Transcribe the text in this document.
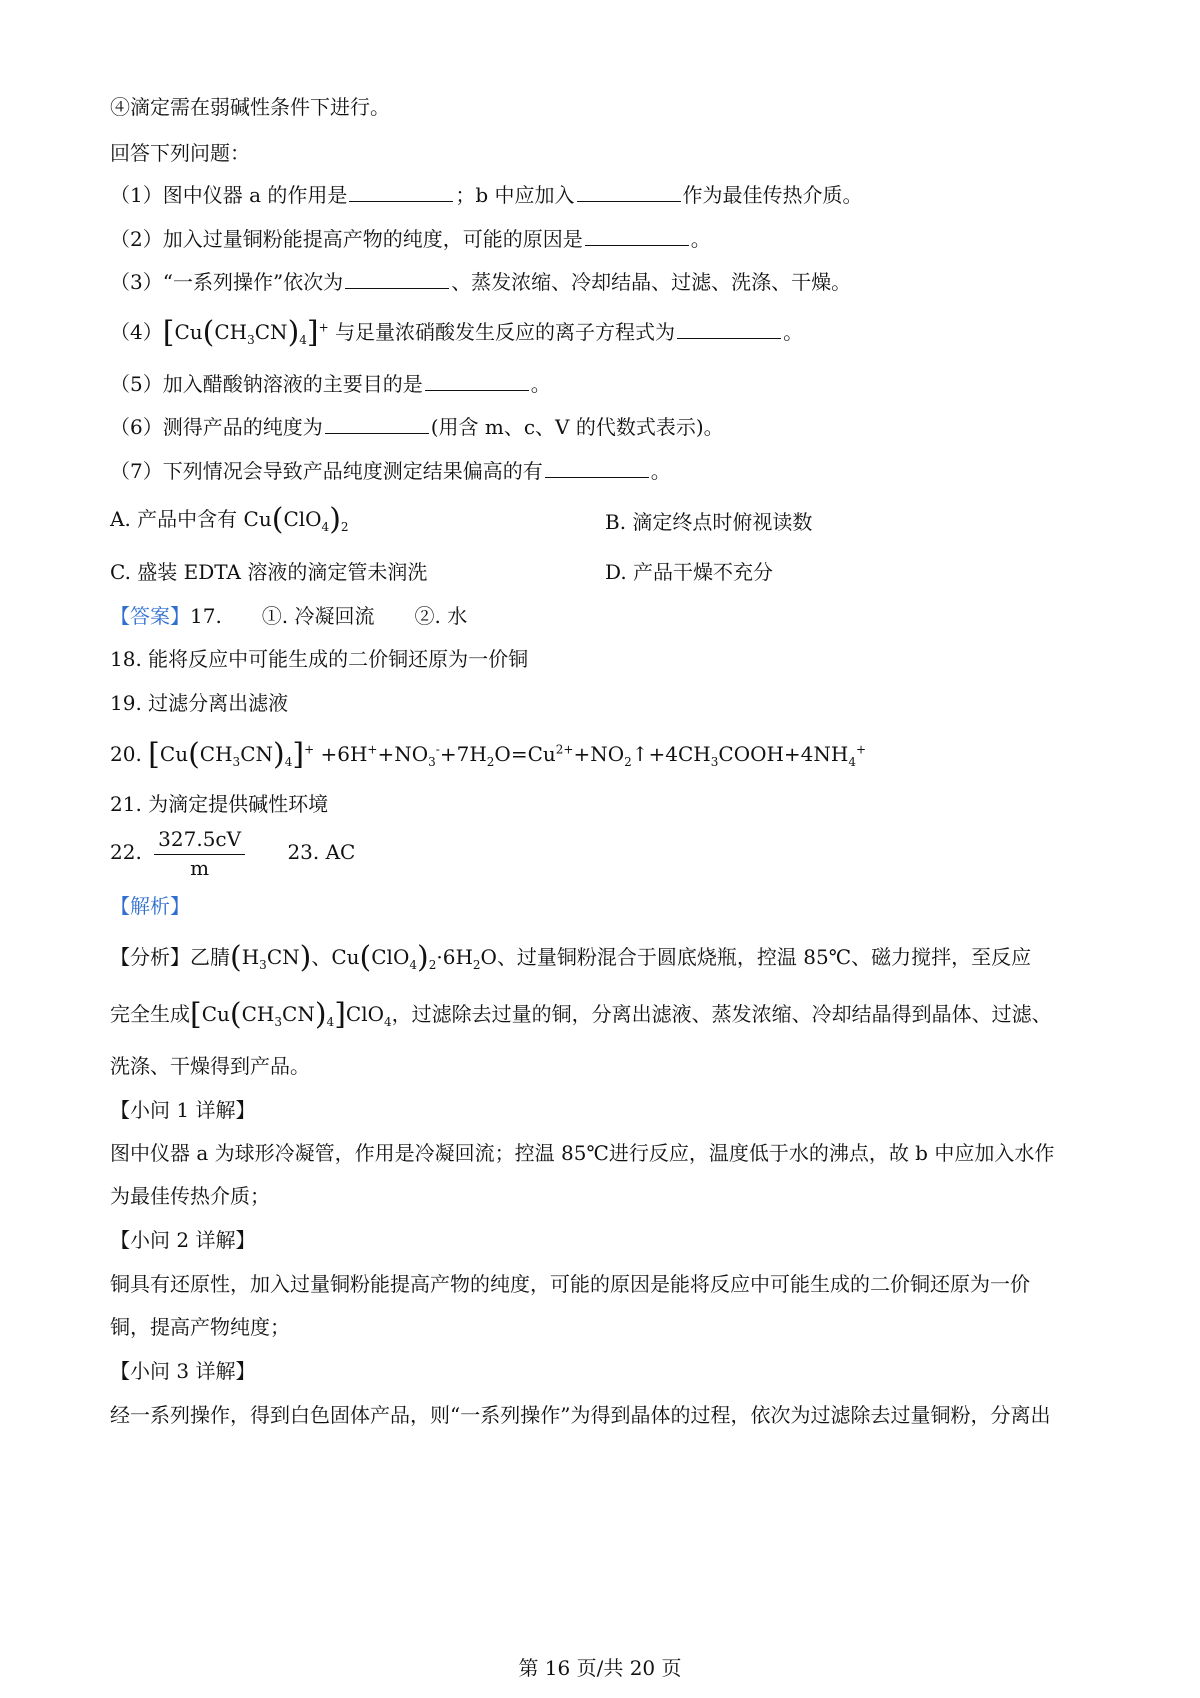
④滴定需在弱碱性条件下进行。
回答下列问题：
（1）图中仪器 a 的作用是	；b 中应加入	作为最佳传热介质。
（2）加入过量铜粉能提高产物的纯度，可能的原因是	。
（3）“一系列操作”依次为	、蒸发浓缩、冷却结晶、过滤、洗涤、干燥。
$(4)[Cu(CH_3CN)_4]^+$ 与足量浓硝酸发生反应的离子方程式为	。
（5）加入醋酸钠溶液的主要目的是	。
（6）测得产品的纯度为	(用含 m、c、V 的代数式表示)。
（7）下列情况会导致产品纯度测定结果偏高的有	。
A. 产品中含有 $Cu(ClO_4)_2$	B. 滴定终点时俯视读数
C. 盛装 EDTA 溶液的滴定管未润洗	D. 产品干燥不充分
【答案】17.　　①. 冷凝回流　　②. 水
18. 能将反应中可能生成的二价铜还原为一价铜
19. 过滤分离出滤液
20. $[Cu(CH_3CN)_4]^+$ $+6H^++NO_3^-+7H_2O=Cu^{2+}+NO_2↑+4CH_3COOH+4NH_4^+$
21. 为滴定提供碱性环境
22. $\frac{327.5cV}{m} 23$. AC
【解析】
【分析】乙腈$(H_3CN)$、$Cu(ClO_4)_2\cdot 6H_2O$、过量铜粉混合于圆底烧瓶，控温 85℃、磁力搅拌，至反应
完全生成$[Cu(CH_3CN)_4]ClO_4$，过滤除去过量的铜，分离出滤液、蒸发浓缩、冷却结晶得到晶体、过滤、
洗涤、干燥得到产品。
【小问 1 详解】
图中仪器 a 为球形冷凝管，作用是冷凝回流；控温 85℃进行反应，温度低于水的沸点，故 b 中应加入水作
为最佳传热介质；
【小问 2 详解】
铜具有还原性，加入过量铜粉能提高产物的纯度，可能的原因是能将反应中可能生成的二价铜还原为一价
铜，提高产物纯度；
【小问 3 详解】
经一系列操作，得到白色固体产品，则“一系列操作”为得到晶体的过程，依次为过滤除去过量铜粉，分离出
第 16 页/共 20 页
